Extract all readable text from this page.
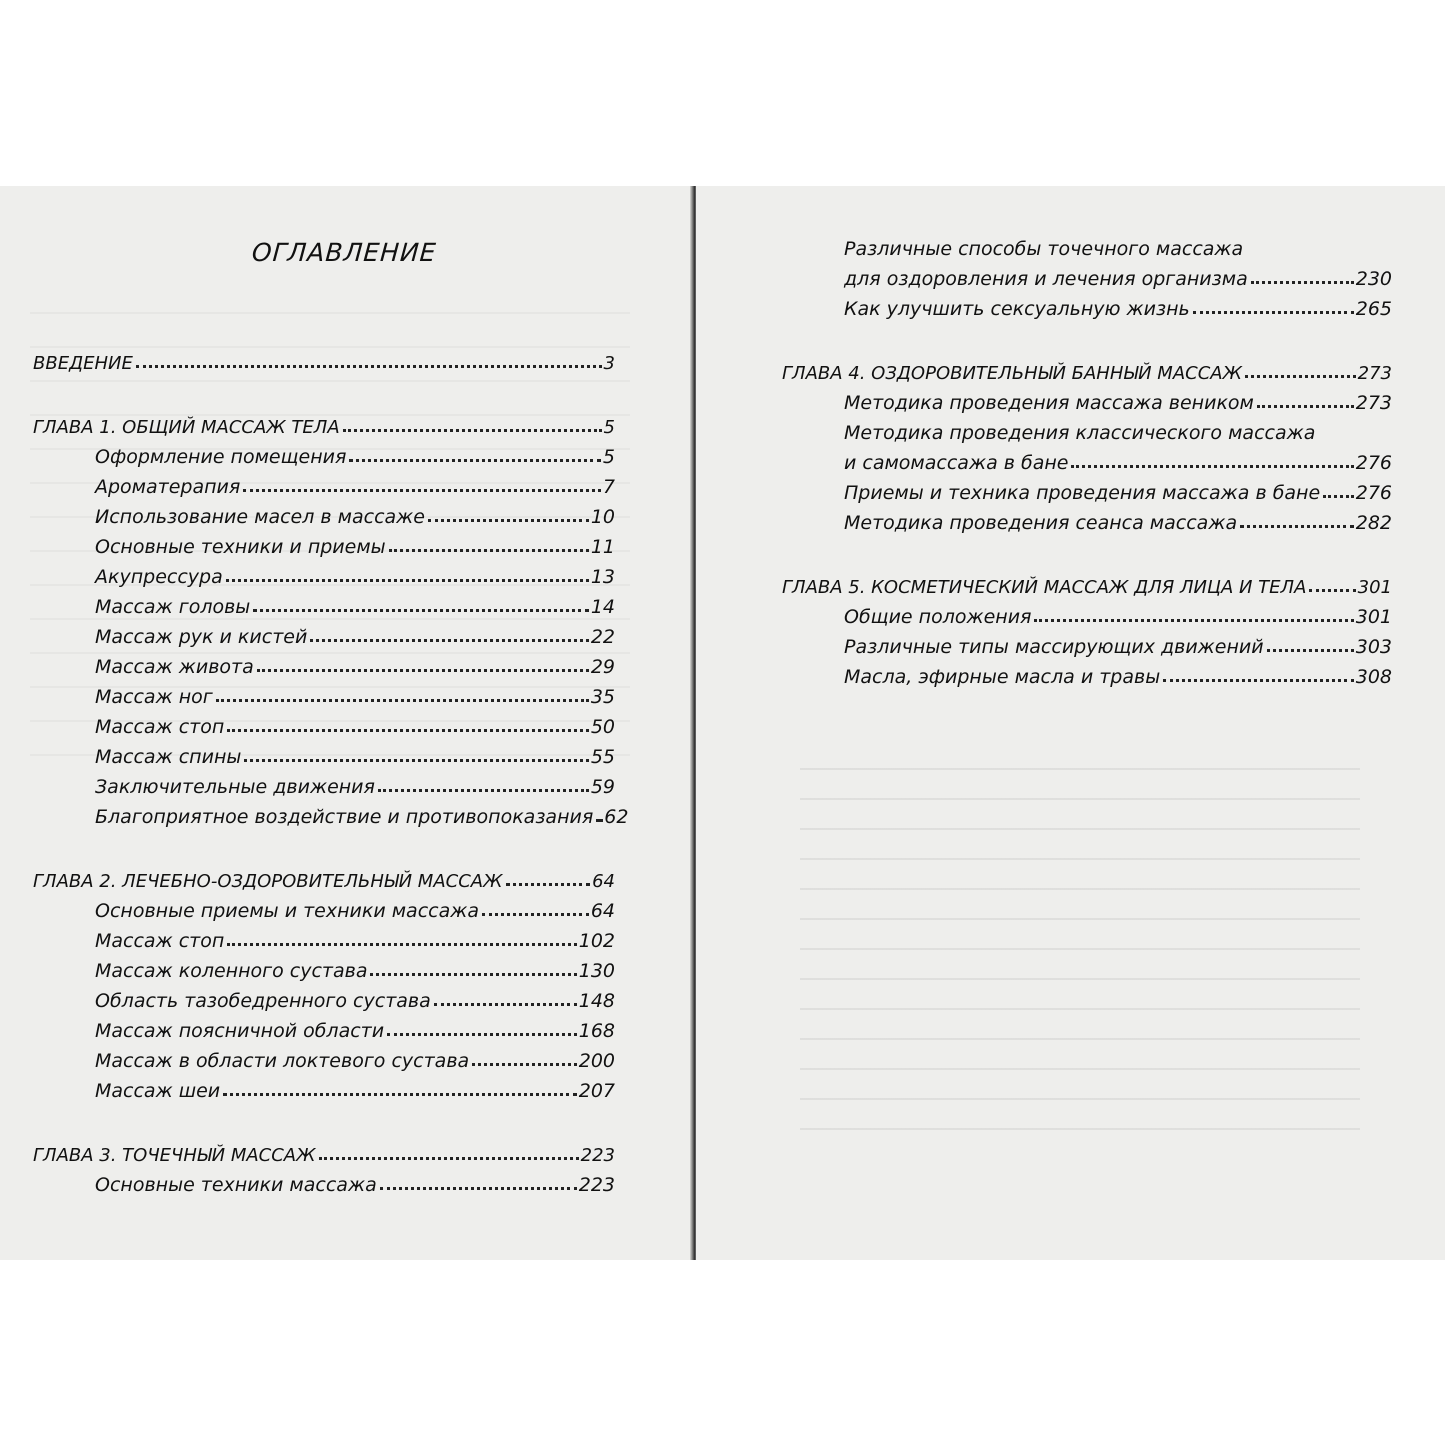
ОГЛАВЛЕНИЕ
ВВЕДЕНИЕ	3
ГЛАВА 1. ОБЩИЙ МАССАЖ ТЕЛА	5
Оформление помещения	5
Ароматерапия	7
Использование масел в массаже	10
Основные техники и приемы	11
Акупрессура	13
Массаж головы	14
Массаж рук и кистей	22
Массаж живота	29
Массаж ног	35
Массаж стоп	50
Массаж спины	55
Заключительные движения	59
Благоприятное воздействие и противопоказания 62
ГЛАВА 2. ЛЕЧЕБНО-ОЗДОРОВИТЕЛЬНЫЙ МАССАЖ	64
Основные приемы и техники массажа	64
Массаж стоп	102
Массаж коленного сустава	130
Область тазобедренного сустава	148
Массаж поясничной области	168
Массаж в области локтевого сустава	200
Массаж шеи	207
ГЛАВА 3. ТОЧЕЧНЫЙ МАССАЖ	223
Основные техники массажа	223
Различные способы точечного массажа
для оздоровления и лечения организма	230
Как улучшить сексуальную жизнь	265
ГЛАВА 4. ОЗДОРОВИТЕЛЬНЫЙ БАННЫЙ МАССАЖ	273
Методика проведения массажа веником	273
Методика проведения классического массажа
и самомассажа в бане	276
Приемы и техника проведения массажа в бане 276
Методика проведения сеанса массажа	282
ГЛАВА 5. КОСМЕТИЧЕСКИЙ МАССАЖ ДЛЯ ЛИЦА И ТЕЛА	301
Общие положения	301
Различные типы массирующих движений	303
Масла, эфирные масла и травы	308
